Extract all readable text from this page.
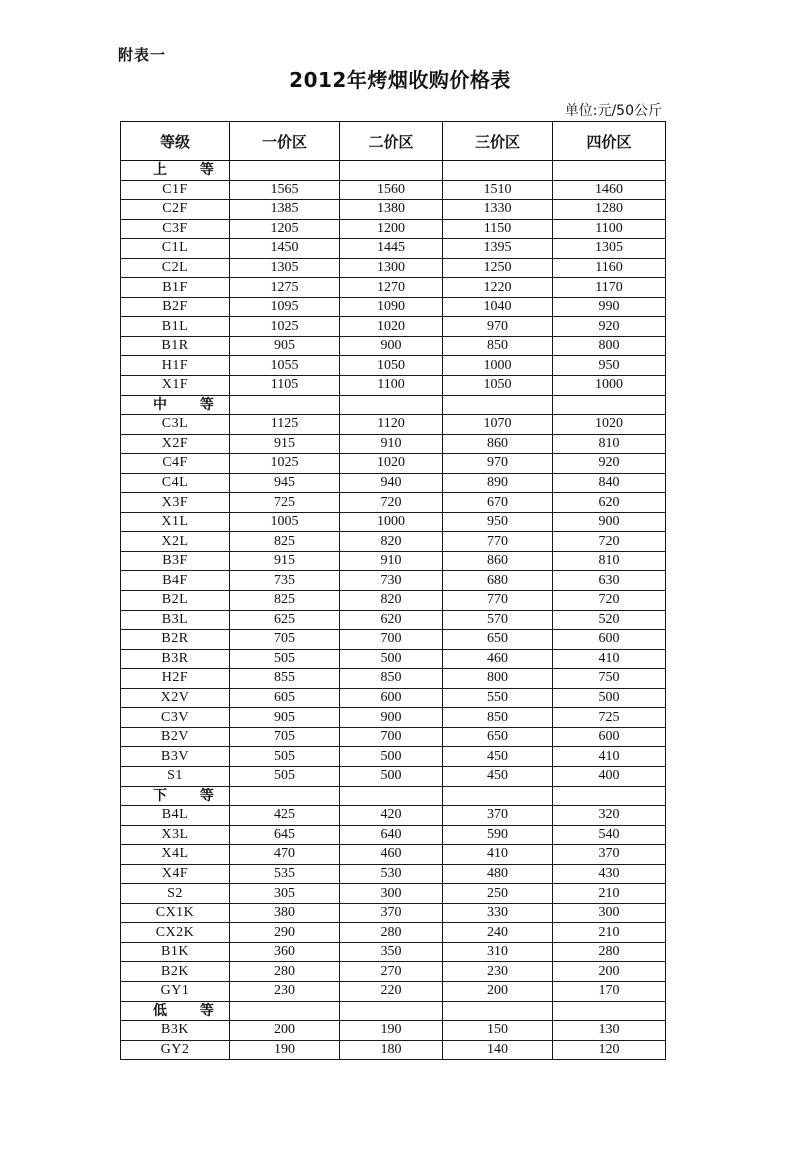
附表一
2012年烤烟收购价格表
单位:元/50公斤
等级	一价区	二价区	三价区	四价区
上 等				
C1F	1565	1560	1510	1460
C2F	1385	1380	1330	1280
C3F	1205	1200	1150	1100
C1L	1450	1445	1395	1305
C2L	1305	1300	1250	1160
B1F	1275	1270	1220	1170
B2F	1095	1090	1040	990
B1L	1025	1020	970	920
B1R	905	900	850	800
H1F	1055	1050	1000	950
X1F	1105	1100	1050	1000
中 等				
C3L	1125	1120	1070	1020
X2F	915	910	860	810
C4F	1025	1020	970	920
C4L	945	940	890	840
X3F	725	720	670	620
X1L	1005	1000	950	900
X2L	825	820	770	720
B3F	915	910	860	810
B4F	735	730	680	630
B2L	825	820	770	720
B3L	625	620	570	520
B2R	705	700	650	600
B3R	505	500	460	410
H2F	855	850	800	750
X2V	605	600	550	500
C3V	905	900	850	725
B2V	705	700	650	600
B3V	505	500	450	410
S1	505	500	450	400
下 等				
B4L	425	420	370	320
X3L	645	640	590	540
X4L	470	460	410	370
X4F	535	530	480	430
S2	305	300	250	210
CX1K	380	370	330	300
CX2K	290	280	240	210
B1K	360	350	310	280
B2K	280	270	230	200
GY1	230	220	200	170
低 等				
B3K	200	190	150	130
GY2	190	180	140	120
